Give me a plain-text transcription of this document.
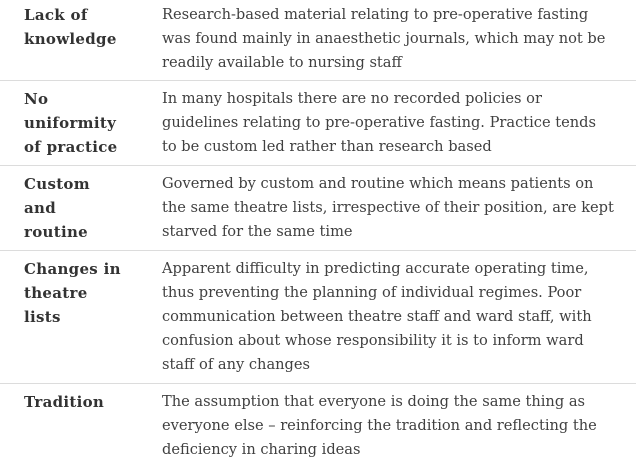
Lack of knowledge
Research-based material relating to pre-operative fasting was found mainly in anaesthetic journals, which may not be readily available to nursing staff
No uniformity of practice
In many hospitals there are no recorded policies or guidelines relating to pre-operative fasting. Practice tends to be custom led rather than research based
Custom and routine
Governed by custom and routine which means patients on the same theatre lists, irrespective of their position, are kept starved for the same time
Changes in theatre lists
Apparent difficulty in predicting accurate operating time, thus preventing the planning of individual regimes. Poor communication between theatre staff and ward staff, with confusion about whose responsibility it is to inform ward staff of any changes
Tradition	The assumption that everyone is doing the same thing as everyone else – reinforcing the tradition and reflecting the deficiency in charing ideas
